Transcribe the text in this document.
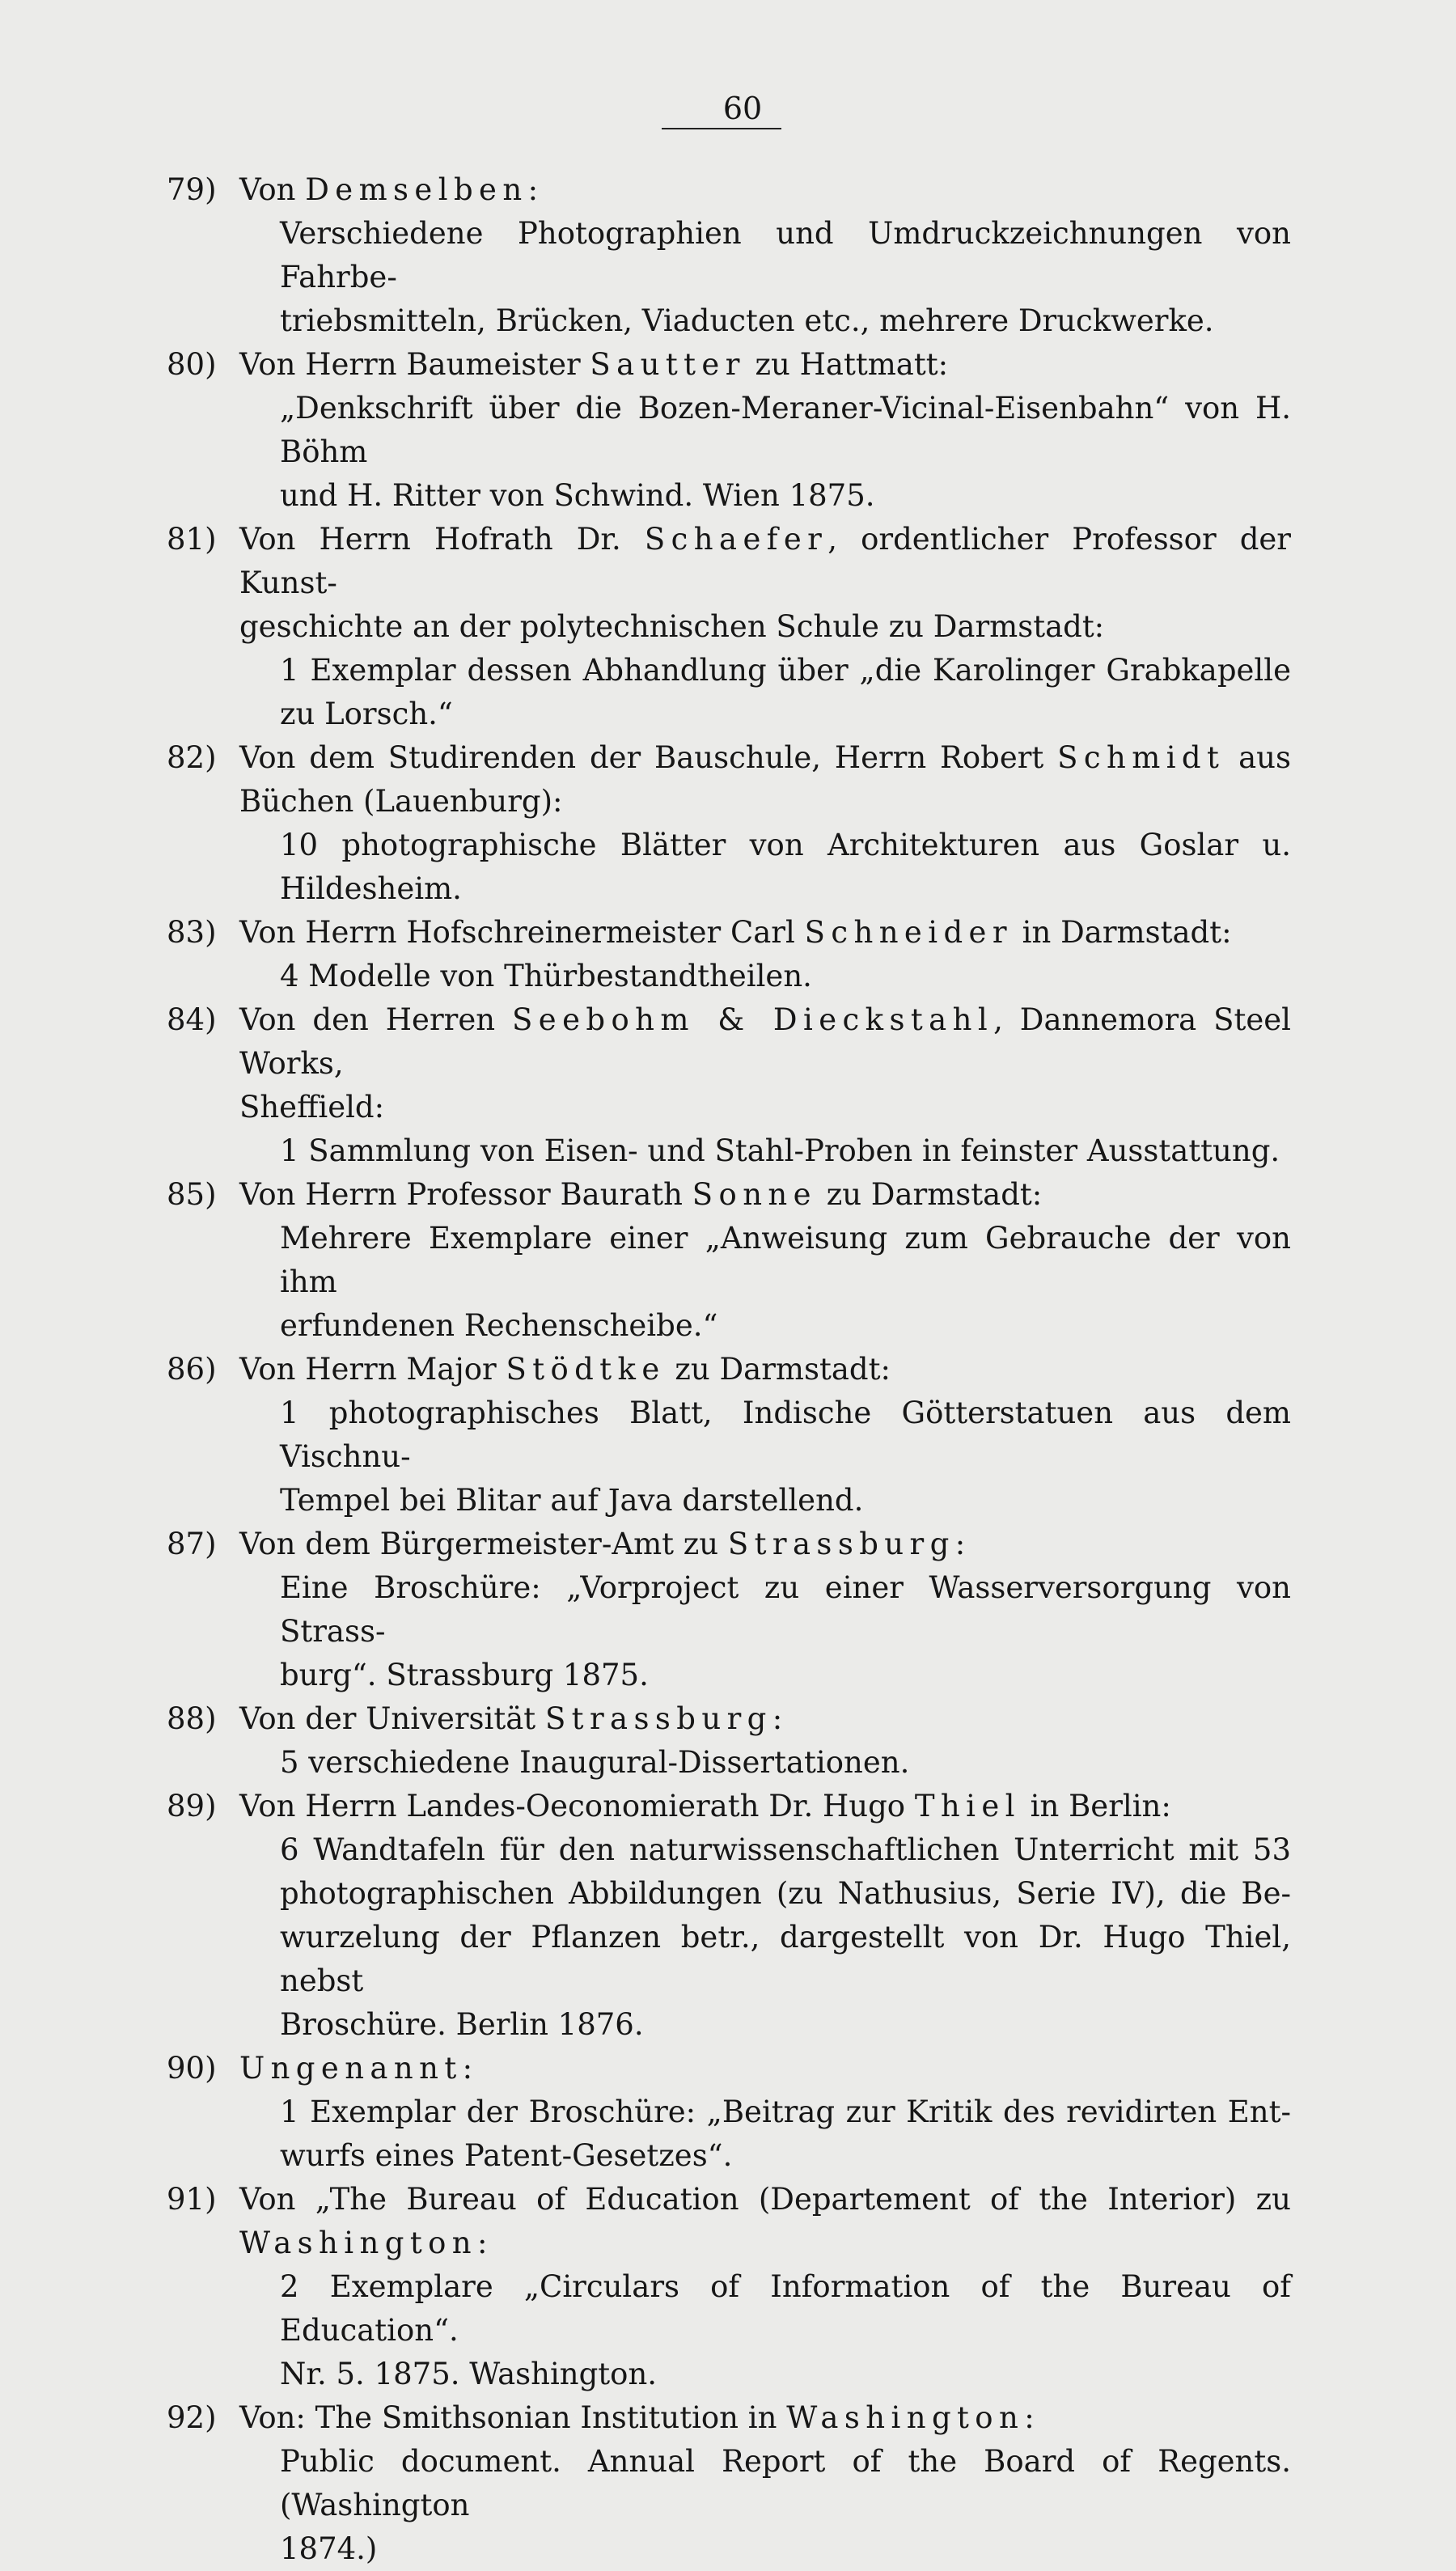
60
79) Von Demselben:
Verschiedene Photographien und Umdruckzeichnungen von Fahrbe-
triebsmitteln, Brücken, Viaducten etc., mehrere Druckwerke.
80) Von Herrn Baumeister Sautter zu Hattmatt:
„Denkschrift über die Bozen-Meraner-Vicinal-Eisenbahn“ von H. Böhm
und H. Ritter von Schwind. Wien 1875.
81) Von Herrn Hofrath Dr. Schaefer, ordentlicher Professor der Kunst-
geschichte an der polytechnischen Schule zu Darmstadt:
1 Exemplar dessen Abhandlung über „die Karolinger Grabkapelle
zu Lorsch.“
82) Von dem Studirenden der Bauschule, Herrn Robert Schmidt aus
Büchen (Lauenburg):
10 photographische Blätter von Architekturen aus Goslar u. Hildesheim.
83) Von Herrn Hofschreinermeister Carl Schneider in Darmstadt:
4 Modelle von Thürbestandtheilen.
84) Von den Herren Seebohm & Dieckstahl, Dannemora Steel Works,
Sheffield:
1 Sammlung von Eisen- und Stahl-Proben in feinster Ausstattung.
85) Von Herrn Professor Baurath Sonne zu Darmstadt:
Mehrere Exemplare einer „Anweisung zum Gebrauche der von ihm
erfundenen Rechenscheibe.“
86) Von Herrn Major Stödtke zu Darmstadt:
1 photographisches Blatt, Indische Götterstatuen aus dem Vischnu-
Tempel bei Blitar auf Java darstellend.
87) Von dem Bürgermeister-Amt zu Strassburg:
Eine Broschüre: „Vorproject zu einer Wasserversorgung von Strass-
burg“. Strassburg 1875.
88) Von der Universität Strassburg:
5 verschiedene Inaugural-Dissertationen.
89) Von Herrn Landes-Oeconomierath Dr. Hugo Thiel in Berlin:
6 Wandtafeln für den naturwissenschaftlichen Unterricht mit 53
photographischen Abbildungen (zu Nathusius, Serie IV), die Be-
wurzelung der Pflanzen betr., dargestellt von Dr. Hugo Thiel, nebst
Broschüre. Berlin 1876.
90) Ungenannt:
1 Exemplar der Broschüre: „Beitrag zur Kritik des revidirten Ent-
wurfs eines Patent-Gesetzes“.
91) Von „The Bureau of Education (Departement of the Interior) zu
Washington:
2 Exemplare „Circulars of Information of the Bureau of Education“.
Nr. 5. 1875. Washington.
92) Von: The Smithsonian Institution in Washington:
Public document. Annual Report of the Board of Regents. (Washington
1874.)
